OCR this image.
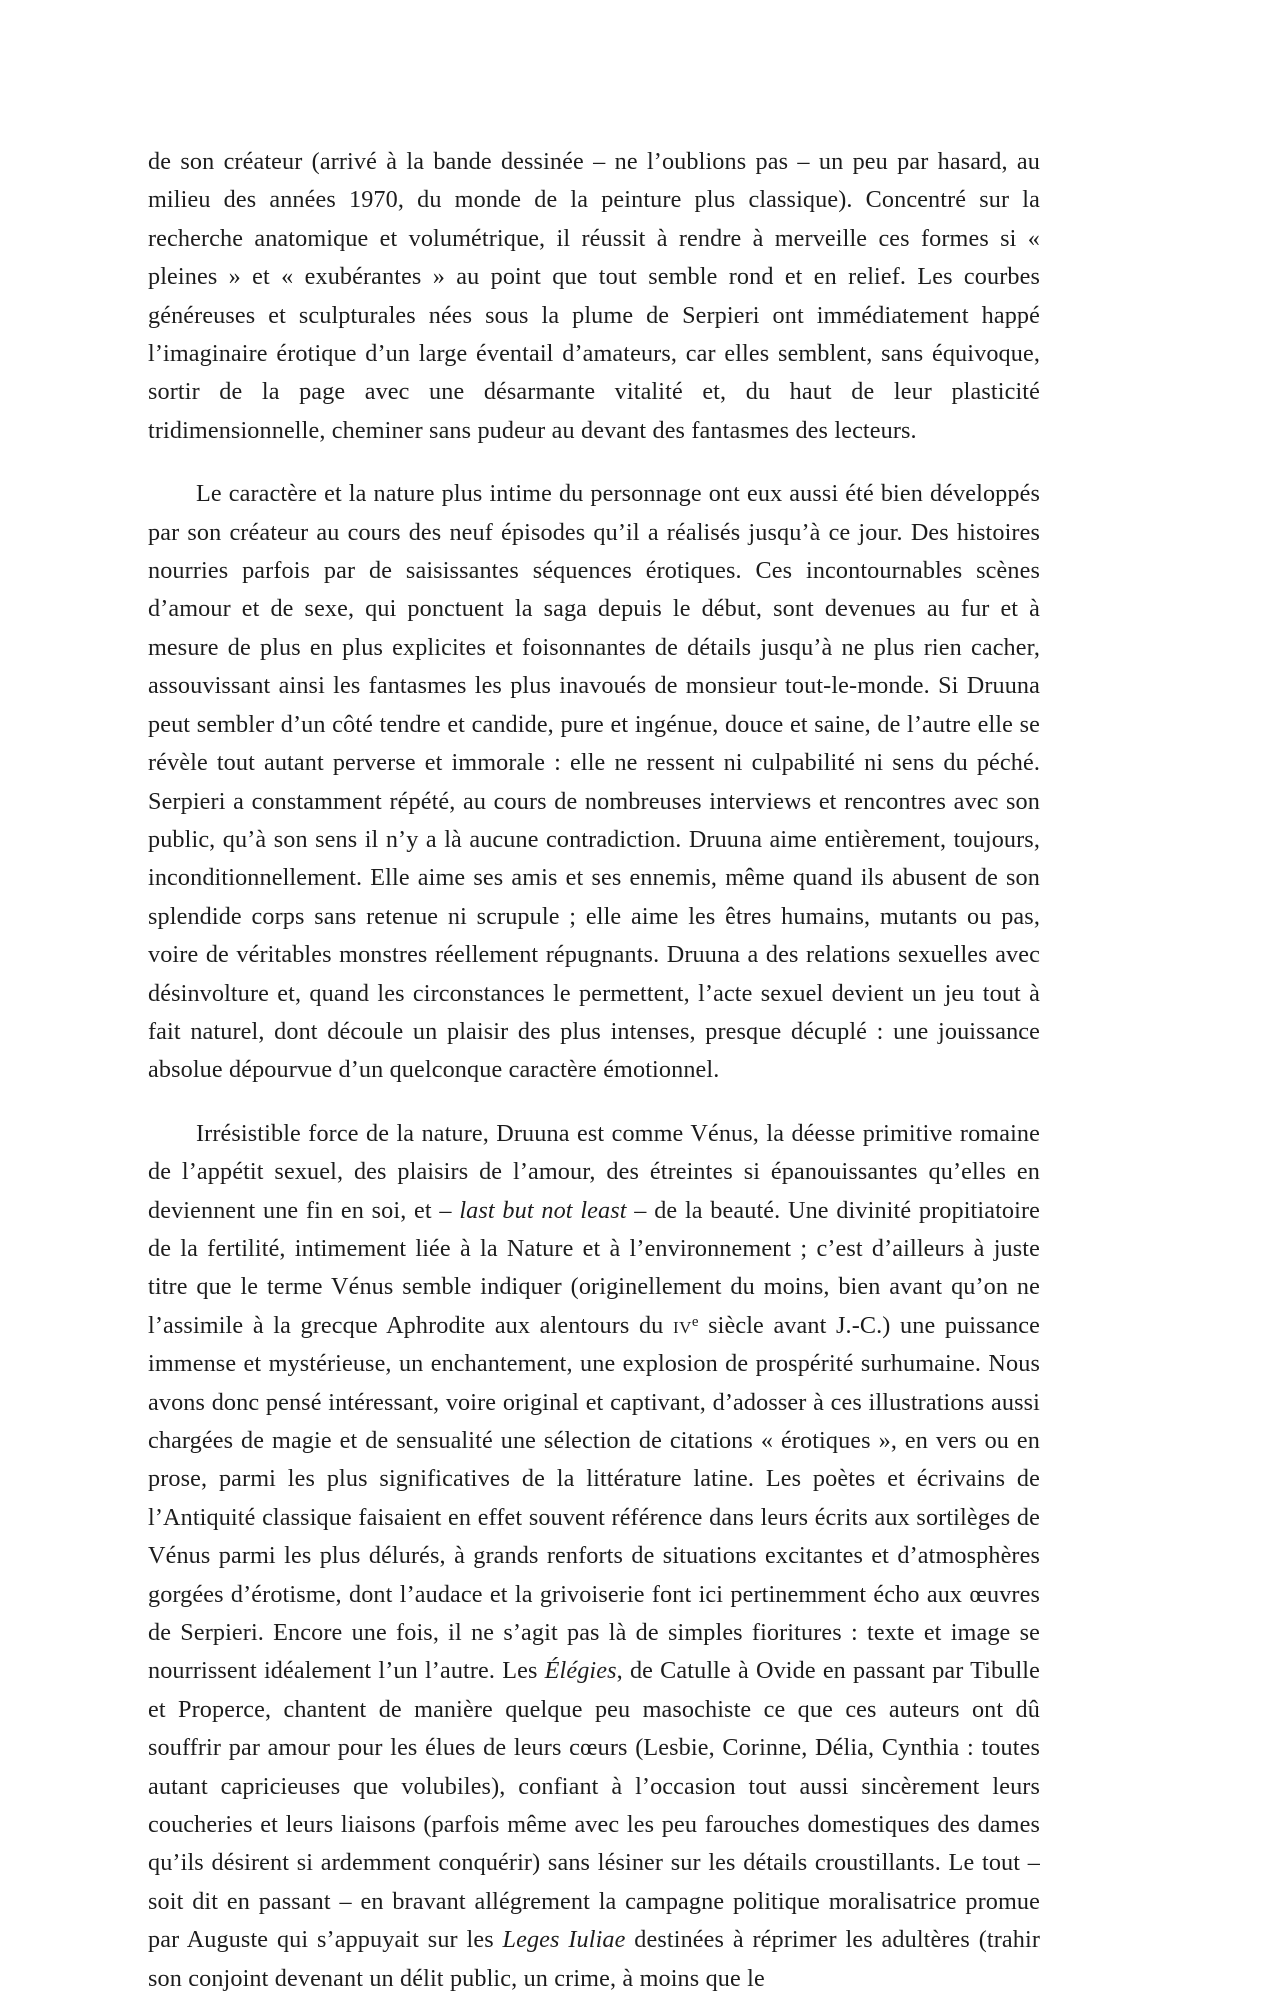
de son créateur (arrivé à la bande dessinée – ne l’oublions pas – un peu par hasard, au milieu des années 1970, du monde de la peinture plus classique). Concentré sur la recherche anatomique et volumétrique, il réussit à rendre à merveille ces formes si « pleines » et « exubérantes » au point que tout semble rond et en relief. Les courbes généreuses et sculpturales nées sous la plume de Serpieri ont immédiatement happé l’imaginaire érotique d’un large éventail d’amateurs, car elles semblent, sans équivoque, sortir de la page avec une désarmante vitalité et, du haut de leur plasticité tridimensionnelle, cheminer sans pudeur au devant des fantasmes des lecteurs.

Le caractère et la nature plus intime du personnage ont eux aussi été bien développés par son créateur au cours des neuf épisodes qu’il a réalisés jusqu’à ce jour. Des histoires nourries parfois par de saisissantes séquences érotiques. Ces incontournables scènes d’amour et de sexe, qui ponctuent la saga depuis le début, sont devenues au fur et à mesure de plus en plus explicites et foisonnantes de détails jusqu’à ne plus rien cacher, assouvissant ainsi les fantasmes les plus inavoués de monsieur tout-le-monde. Si Druuna peut sembler d’un côté tendre et candide, pure et ingénue, douce et saine, de l’autre elle se révèle tout autant perverse et immorale : elle ne ressent ni culpabilité ni sens du péché. Serpieri a constamment répété, au cours de nombreuses interviews et rencontres avec son public, qu’à son sens il n’y a là aucune contradiction. Druuna aime entièrement, toujours, inconditionnellement. Elle aime ses amis et ses ennemis, même quand ils abusent de son splendide corps sans retenue ni scrupule ; elle aime les êtres humains, mutants ou pas, voire de véritables monstres réellement répugnants. Druuna a des relations sexuelles avec désinvolture et, quand les circonstances le permettent, l’acte sexuel devient un jeu tout à fait naturel, dont découle un plaisir des plus intenses, presque décuplé : une jouissance absolue dépourvue d’un quelconque caractère émotionnel.

Irrésistible force de la nature, Druuna est comme Vénus, la déesse primitive romaine de l’appétit sexuel, des plaisirs de l’amour, des étreintes si épanouissantes qu’elles en deviennent une fin en soi, et – last but not least – de la beauté. Une divinité propitiatoire de la fertilité, intimement liée à la Nature et à l’environnement ; c’est d’ailleurs à juste titre que le terme Vénus semble indiquer (originellement du moins, bien avant qu’on ne l’assimile à la grecque Aphrodite aux alentours du $iv^e$ siècle avant J.-C.) une puissance immense et mystérieuse, un enchantement, une explosion de prospérité surhumaine. Nous avons donc pensé intéressant, voire original et captivant, d’adosser à ces illustrations aussi chargées de magie et de sensualité une sélection de citations « érotiques », en vers ou en prose, parmi les plus significatives de la littérature latine. Les poètes et écrivains de l’Antiquité classique faisaient en effet souvent référence dans leurs écrits aux sortilèges de Vénus parmi les plus délurés, à grands renforts de situations excitantes et d’atmosphères gorgées d’érotisme, dont l’audace et la grivoiserie font ici pertinemment écho aux œuvres de Serpieri. Encore une fois, il ne s’agit pas là de simples fioritures : texte et image se nourrissent idéalement l’un l’autre. Les Élégies, de Catulle à Ovide en passant par Tibulle et Properce, chantent de manière quelque peu masochiste ce que ces auteurs ont dû souffrir par amour pour les élues de leurs cœurs (Lesbie, Corinne, Délia, Cynthia : toutes autant capricieuses que volubiles), confiant à l’occasion tout aussi sincèrement leurs coucheries et leurs liaisons (parfois même avec les peu farouches domestiques des dames qu’ils désirent si ardemment conquérir) sans lésiner sur les détails croustillants. Le tout – soit dit en passant – en bravant allégrement la campagne politique moralisatrice promue par Auguste qui s’appuyait sur les Leges Iuliae destinées à réprimer les adultères (trahir son conjoint devenant un délit public, un crime, à moins que le
